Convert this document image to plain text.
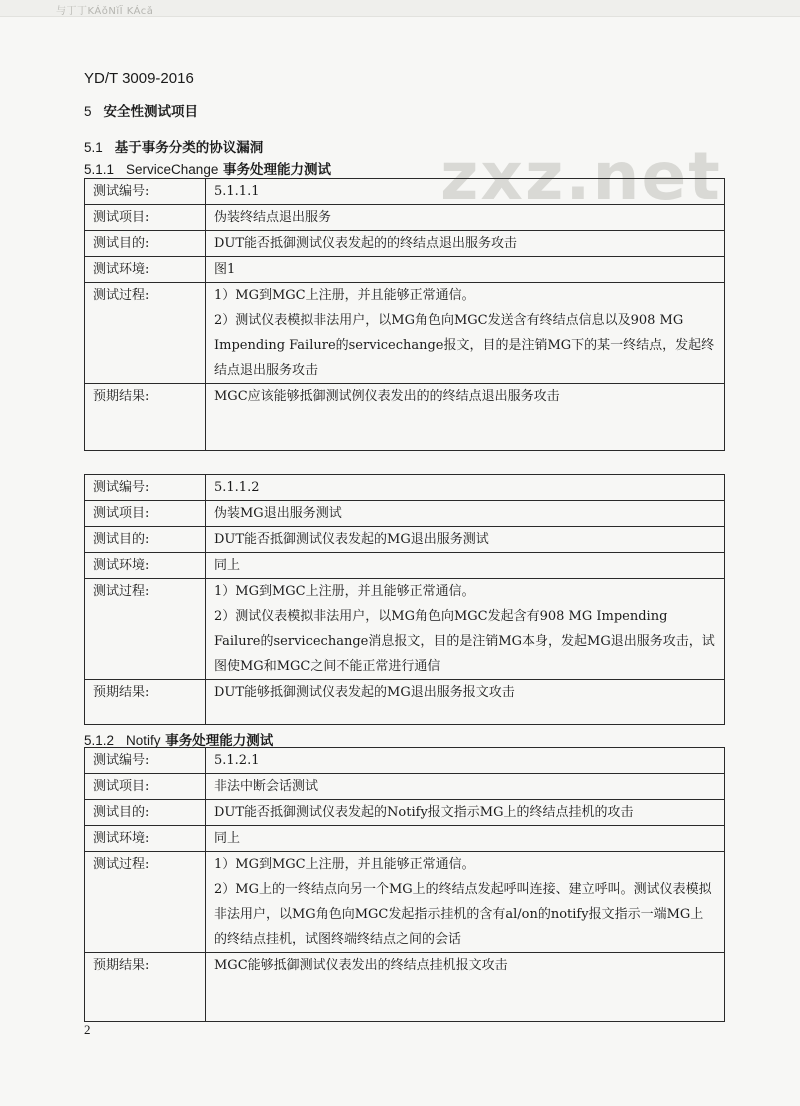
与丁丁KÁǒNĭΪ KÁcǎ
zxz.net
YD/T 3009-2016
5 安全性测试项目
5.1 基于事务分类的协议漏洞
5.1.1 ServiceChange 事务处理能力测试
测试编号:	5.1.1.1
测试项目:	伪装终结点退出服务
测试目的:	DUT能否抵御测试仪表发起的的终结点退出服务攻击
测试环境:	图1
测试过程:	1）MG到MGC上注册，并且能够正常通信。
2）测试仪表模拟非法用户，以MG角色向MGC发送含有终结点信息以及908 MG Impending Failure的servicechange报文，目的是注销MG下的某一终结点，发起终结点退出服务攻击

预期结果:	MGC应该能够抵御测试例仪表发出的的终结点退出服务攻击
测试编号:	5.1.1.2
测试项目:	伪装MG退出服务测试
测试目的:	DUT能否抵御测试仪表发起的MG退出服务测试
测试环境:	同上
测试过程:	1）MG到MGC上注册，并且能够正常通信。
2）测试仪表模拟非法用户，以MG角色向MGC发起含有908 MG Impending Failure的servicechange消息报文，目的是注销MG本身，发起MG退出服务攻击，试图使MG和MGC之间不能正常进行通信

预期结果:	DUT能够抵御测试仪表发起的MG退出服务报文攻击
5.1.2 Notify 事务处理能力测试
测试编号:	5.1.2.1
测试项目:	非法中断会话测试
测试目的:	DUT能否抵御测试仪表发起的Notify报文指示MG上的终结点挂机的攻击
测试环境:	同上
测试过程:	1）MG到MGC上注册，并且能够正常通信。
2）MG上的一终结点向另一个MG上的终结点发起呼叫连接、建立呼叫。测试仪表模拟非法用户，以MG角色向MGC发起指示挂机的含有al/on的notify报文指示一端MG上的终结点挂机，试图终端终结点之间的会话

预期结果:	MGC能够抵御测试仪表发出的终结点挂机报文攻击
2
